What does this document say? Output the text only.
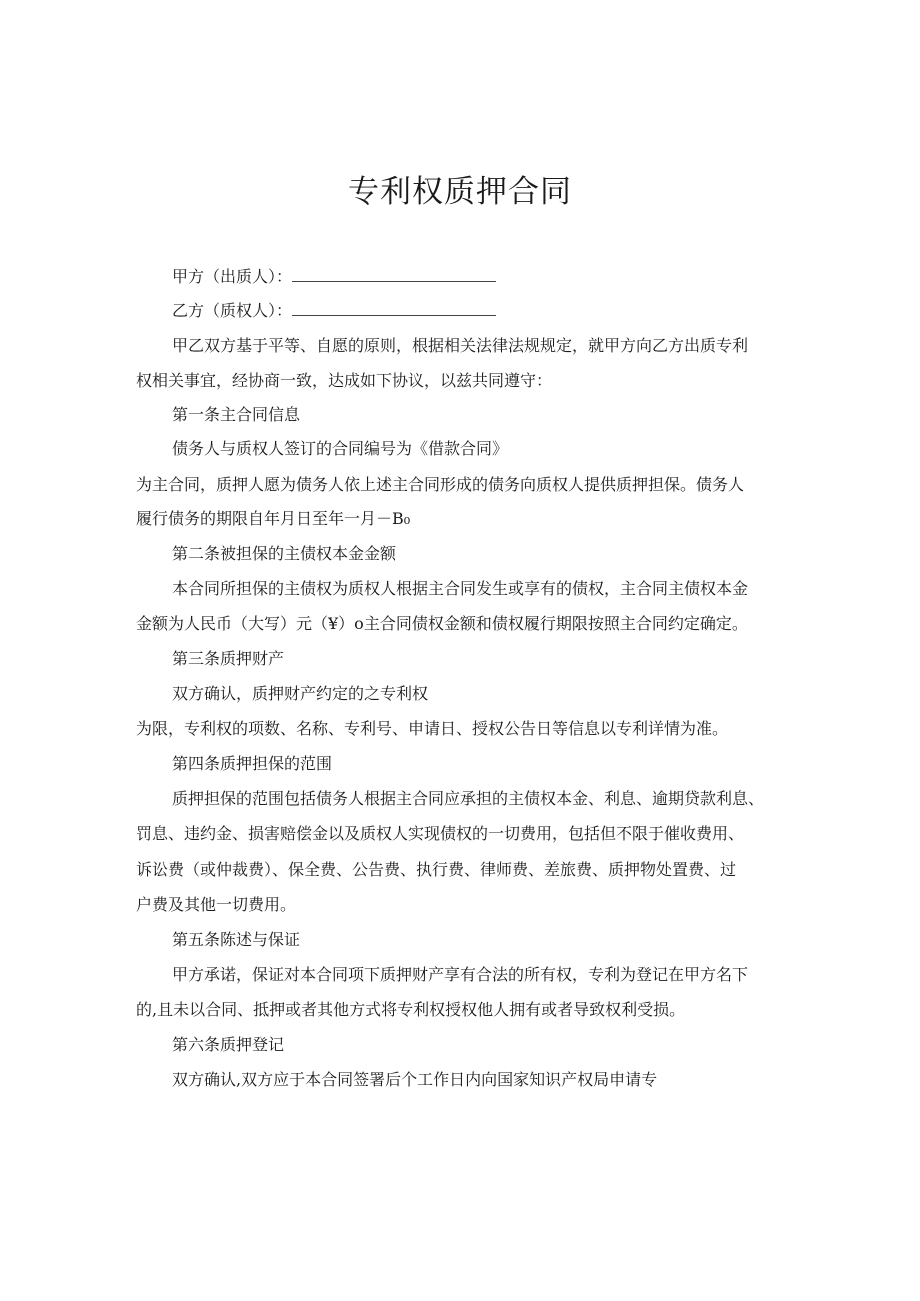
专利权质押合同
甲方（出质人）：
乙方（质权人）：
甲乙双方基于平等、自愿的原则，根据相关法律法规规定，就甲方向乙方出质专利
权相关事宜，经协商一致，达成如下协议，以兹共同遵守：
第一条主合同信息
债务人与质权人签订的合同编号为《借款合同》
为主合同，质押人愿为债务人依上述主合同形成的债务向质权人提供质押担保。债务人
履行债务的期限自年月日至年一月－B₀
第二条被担保的主债权本金金额
本合同所担保的主债权为质权人根据主合同发生或享有的债权，主合同主债权本金
金额为人民币（大写）元（¥）o主合同债权金额和债权履行期限按照主合同约定确定。
第三条质押财产
双方确认，质押财产约定的之专利权
为限，专利权的项数、名称、专利号、申请日、授权公告日等信息以专利详情为准。
第四条质押担保的范围
质押担保的范围包括债务人根据主合同应承担的主债权本金、利息、逾期贷款利息、
罚息、违约金、损害赔偿金以及质权人实现债权的一切费用，包括但不限于催收费用、
诉讼费（或仲裁费）、保全费、公告费、执行费、律师费、差旅费、质押物处置费、过
户费及其他一切费用。
第五条陈述与保证
甲方承诺，保证对本合同项下质押财产享有合法的所有权，专利为登记在甲方名下
的,且未以合同、抵押或者其他方式将专利权授权他人拥有或者导致权利受损。
第六条质押登记
双方确认,双方应于本合同签署后个工作日内向国家知识产权局申请专
